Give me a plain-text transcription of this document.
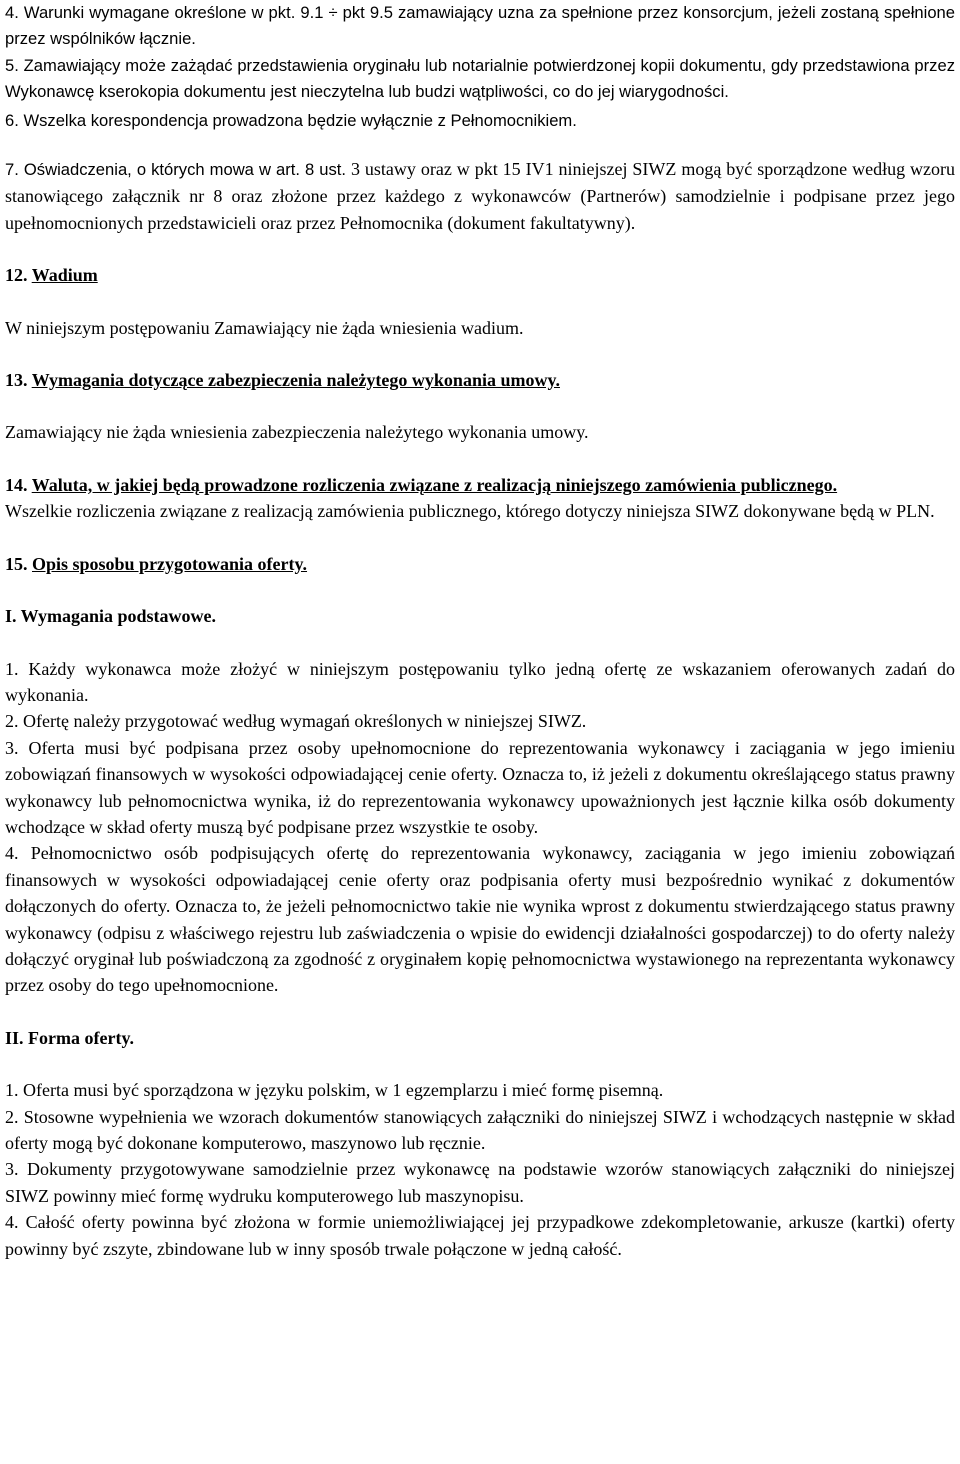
4. Warunki wymagane określone w pkt. 9.1 ÷ pkt 9.5 zamawiający uzna za spełnione przez konsorcjum, jeżeli zostaną spełnione przez wspólników łącznie.

5. Zamawiający może zażądać przedstawienia oryginału lub notarialnie potwierdzonej kopii dokumentu, gdy przedstawiona przez Wykonawcę kserokopia dokumentu jest nieczytelna lub budzi wątpliwości, co do jej wiarygodności.

6. Wszelka korespondencja prowadzona będzie wyłącznie z Pełnomocnikiem.

7. Oświadczenia, o których mowa w art. 8 ust. 3 ustawy oraz w pkt 15 IV1 niniejszej SIWZ mogą być sporządzone według wzoru stanowiącego załącznik nr 8 oraz złożone przez każdego z wykonawców (Partnerów) samodzielnie i podpisane przez jego upełnomocnionych przedstawicieli oraz przez Pełnomocnika (dokument fakultatywny).

12. Wadium

W niniejszym postępowaniu Zamawiający nie żąda wniesienia wadium.

13. Wymagania dotyczące zabezpieczenia należytego wykonania umowy.

Zamawiający nie żąda wniesienia zabezpieczenia należytego wykonania umowy.

14. Waluta, w jakiej będą prowadzone rozliczenia związane z realizacją niniejszego zamówienia publicznego.

Wszelkie rozliczenia związane z realizacją zamówienia publicznego, którego dotyczy niniejsza SIWZ dokonywane będą w PLN.

15. Opis sposobu przygotowania oferty.

I. Wymagania podstawowe.

1. Każdy wykonawca może złożyć w niniejszym postępowaniu tylko jedną ofertę ze wskazaniem oferowanych zadań do wykonania.

2. Ofertę należy przygotować według wymagań określonych w niniejszej SIWZ.

3. Oferta musi być podpisana przez osoby upełnomocnione do reprezentowania wykonawcy i zaciągania w jego imieniu zobowiązań finansowych w wysokości odpowiadającej cenie oferty. Oznacza to, iż jeżeli z dokumentu określającego status prawny wykonawcy lub pełnomocnictwa wynika, iż do reprezentowania wykonawcy upoważnionych jest łącznie kilka osób dokumenty wchodzące w skład oferty muszą być podpisane przez wszystkie te osoby.

4. Pełnomocnictwo osób podpisujących ofertę do reprezentowania wykonawcy, zaciągania w jego imieniu zobowiązań finansowych w wysokości odpowiadającej cenie oferty oraz podpisania oferty musi bezpośrednio wynikać z dokumentów dołączonych do oferty. Oznacza to, że jeżeli pełnomocnictwo takie nie wynika wprost z dokumentu stwierdzającego status prawny wykonawcy (odpisu z właściwego rejestru lub zaświadczenia o wpisie do ewidencji działalności gospodarczej) to do oferty należy dołączyć oryginał lub poświadczoną za zgodność z oryginałem kopię pełnomocnictwa wystawionego na reprezentanta wykonawcy przez osoby do tego upełnomocnione.

II. Forma oferty.

1. Oferta musi być sporządzona w języku polskim, w 1 egzemplarzu i mieć formę pisemną.

2. Stosowne wypełnienia we wzorach dokumentów stanowiących załączniki do niniejszej SIWZ i wchodzących następnie w skład oferty mogą być dokonane komputerowo, maszynowo lub ręcznie.

3. Dokumenty przygotowywane samodzielnie przez wykonawcę na podstawie wzorów stanowiących załączniki do niniejszej SIWZ powinny mieć formę wydruku komputerowego lub maszynopisu.

4. Całość oferty powinna być złożona w formie uniemożliwiającej jej przypadkowe zdekompletowanie, arkusze (kartki) oferty powinny być zszyte, zbindowane lub w inny sposób trwale połączone w jedną całość.
